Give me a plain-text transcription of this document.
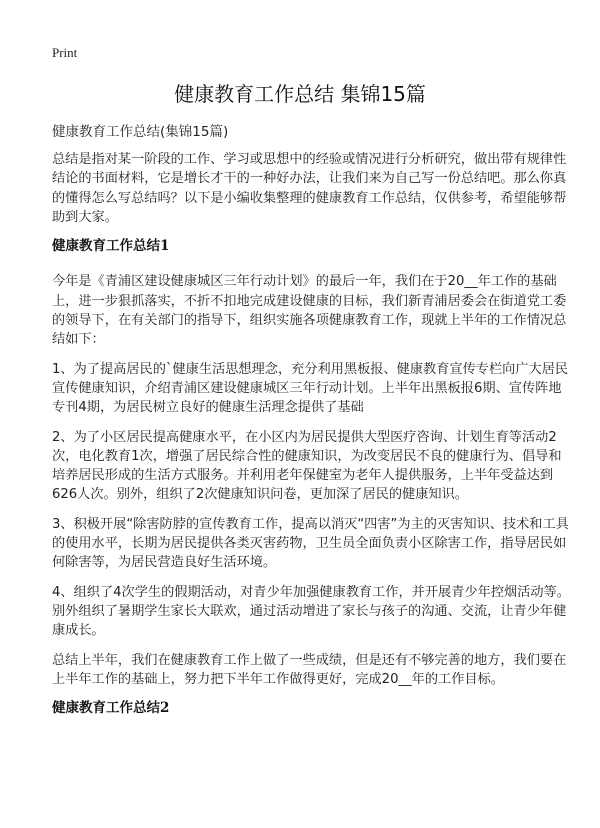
Print
健康教育工作总结 集锦15篇
健康教育工作总结(集锦15篇)

总结是指对某一阶段的工作、学习或思想中的经验或情况进行分析研究，做出带有规律性结论的书面材料，它是增长才干的一种好办法，让我们来为自己写一份总结吧。那么你真的懂得怎么写总结吗？以下是小编收集整理的健康教育工作总结，仅供参考，希望能够帮助到大家。

健康教育工作总结1

今年是《青浦区建设健康城区三年行动计划》的最后一年，我们在于20__年工作的基础上，进一步狠抓落实，不折不扣地完成建设健康的目标，我们新青浦居委会在街道党工委的领导下，在有关部门的指导下，组织实施各项健康教育工作，现就上半年的工作情况总结如下：

1、为了提高居民的`健康生活思想理念，充分利用黑板报、健康教育宣传专栏向广大居民宣传健康知识，介绍青浦区建设健康城区三年行动计划。上半年出黑板报6期、宣传阵地专刊4期，为居民树立良好的健康生活理念提供了基础

2、为了小区居民提高健康水平，在小区内为居民提供大型医疗咨询、计划生育等活动2次，电化教育1次，增强了居民综合性的健康知识，为改变居民不良的健康行为、倡导和培养居民形成的生活方式服务。并利用老年保健室为老年人提供服务，上半年受益达到626人次。别外，组织了2次健康知识问卷，更加深了居民的健康知识。

3、积极开展“除害防脖的宣传教育工作，提高以消灭“四害”为主的灭害知识、技术和工具的使用水平，长期为居民提供各类灭害药物，卫生员全面负责小区除害工作，指导居民如何除害等，为居民营造良好生活环境。

4、组织了4次学生的假期活动，对青少年加强健康教育工作，并开展青少年控烟活动等。别外组织了暑期学生家长大联欢，通过活动增进了家长与孩子的沟通、交流，让青少年健康成长。

总结上半年，我们在健康教育工作上做了一些成绩，但是还有不够完善的地方，我们要在上半年工作的基础上，努力把下半年工作做得更好，完成20__年的工作目标。

健康教育工作总结2
